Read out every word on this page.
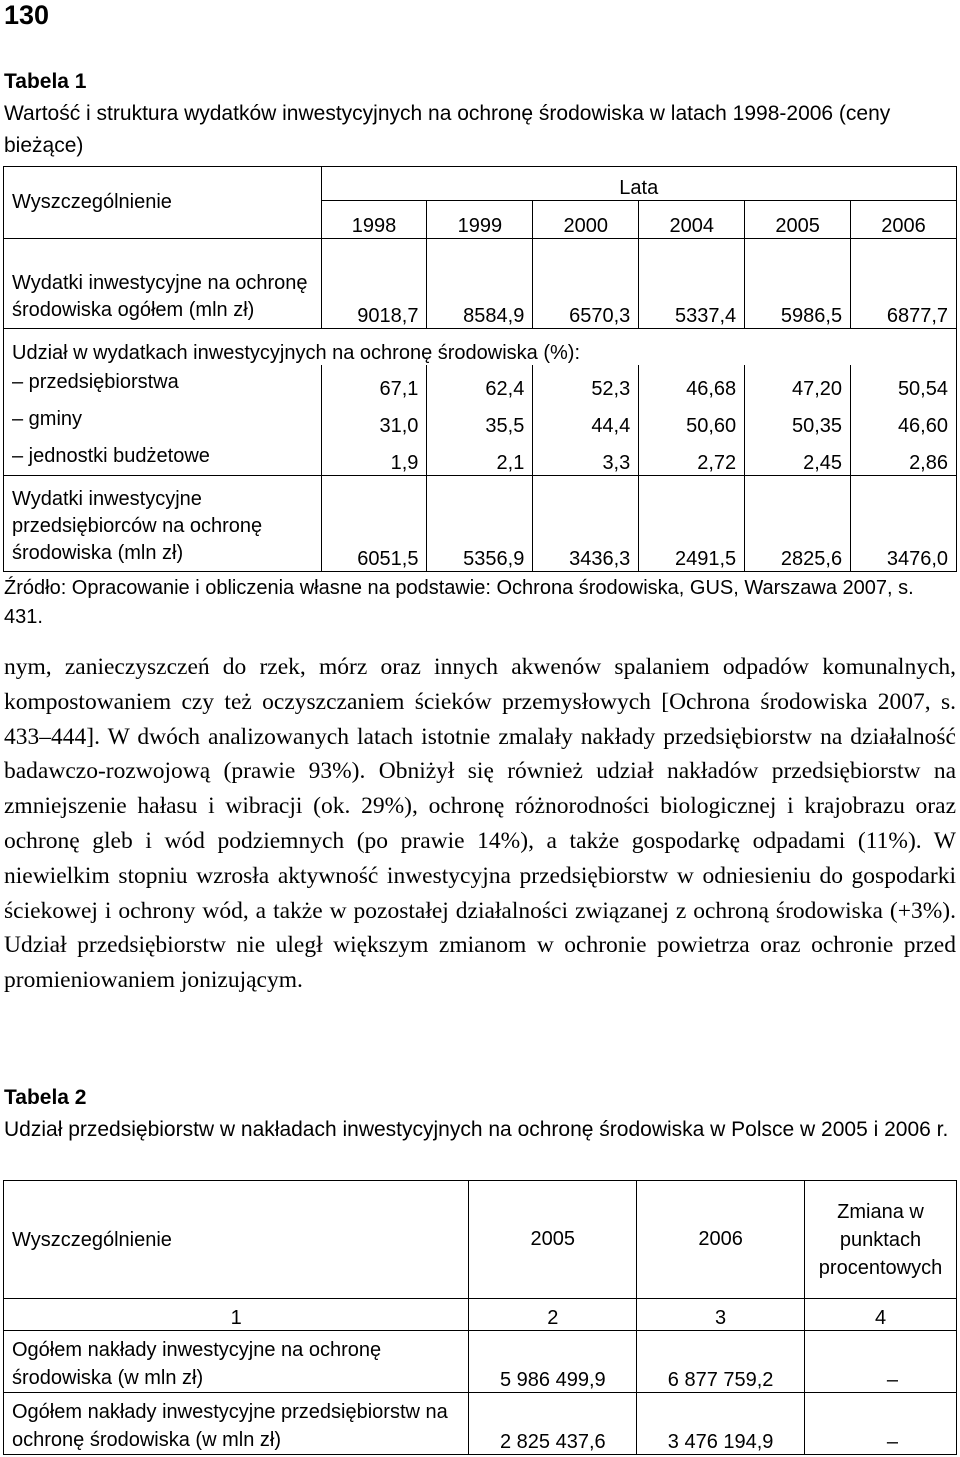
130
Tabela 1
Wartość i struktura wydatków inwestycyjnych na ochronę środowiska w latach 1998-2006 (ceny bieżące)
Wyszczególnienie	Lata					
	1998	1999	2000	2004	2005	2006
Wydatki inwestycyjne na ochronę środowiska ogółem (mln zł)	9018,7	8584,9	6570,3	5337,4	5986,5	6877,7
Udział w wydatkach inwestycyjnych na ochronę środowiska (%):						
– przedsiębiorstwa	67,1	62,4	52,3	46,68	47,20	50,54
– gminy	31,0	35,5	44,4	50,60	50,35	46,60
– jednostki budżetowe	1,9	2,1	3,3	2,72	2,45	2,86
Wydatki inwestycyjne przedsiębiorców na ochronę środowiska (mln zł)	6051,5	5356,9	3436,3	2491,5	2825,6	3476,0
Źródło: Opracowanie i obliczenia własne na podstawie: Ochrona środowiska, GUS, Warszawa 2007, s. 431.

nym, zanieczyszczeń do rzek, mórz oraz innych akwenów spalaniem odpadów komunalnych, kompostowaniem czy też oczyszczaniem ścieków przemysłowych [Ochrona środowiska 2007, s. 433–444]. W dwóch analizowanych latach istotnie zmalały nakłady przedsiębiorstw na działalność badawczo-rozwojową (prawie 93%). Obniżył się również udział nakładów przedsiębiorstw na zmniejszenie hałasu i wibracji (ok. 29%), ochronę różnorodności biologicznej i krajobrazu oraz ochronę gleb i wód podziemnych (po prawie 14%), a także gospodarkę odpadami (11%). W niewielkim stopniu wzrosła aktywność inwestycyjna przedsiębiorstw w odniesieniu do gospodarki ściekowej i ochrony wód, a także w pozostałej działalności związanej z ochroną środowiska (+3%). Udział przedsiębiorstw nie uległ większym zmianom w ochronie powietrza oraz ochronie przed promieniowaniem jonizującym.

Tabela 2
Udział przedsiębiorstw w nakładach inwestycyjnych na ochronę środowiska w Polsce w 2005 i 2006 r.
Wyszczególnienie	2005	2006	Zmiana w punktach procentowych
1	2	3	4
Ogółem nakłady inwestycyjne na ochronę środowiska (w mln zł)	5 986 499,9	6 877 759,2	–
Ogółem nakłady inwestycyjne przedsiębiorstw na ochronę środowiska (w mln zł)	2 825 437,6	3 476 194,9	–
